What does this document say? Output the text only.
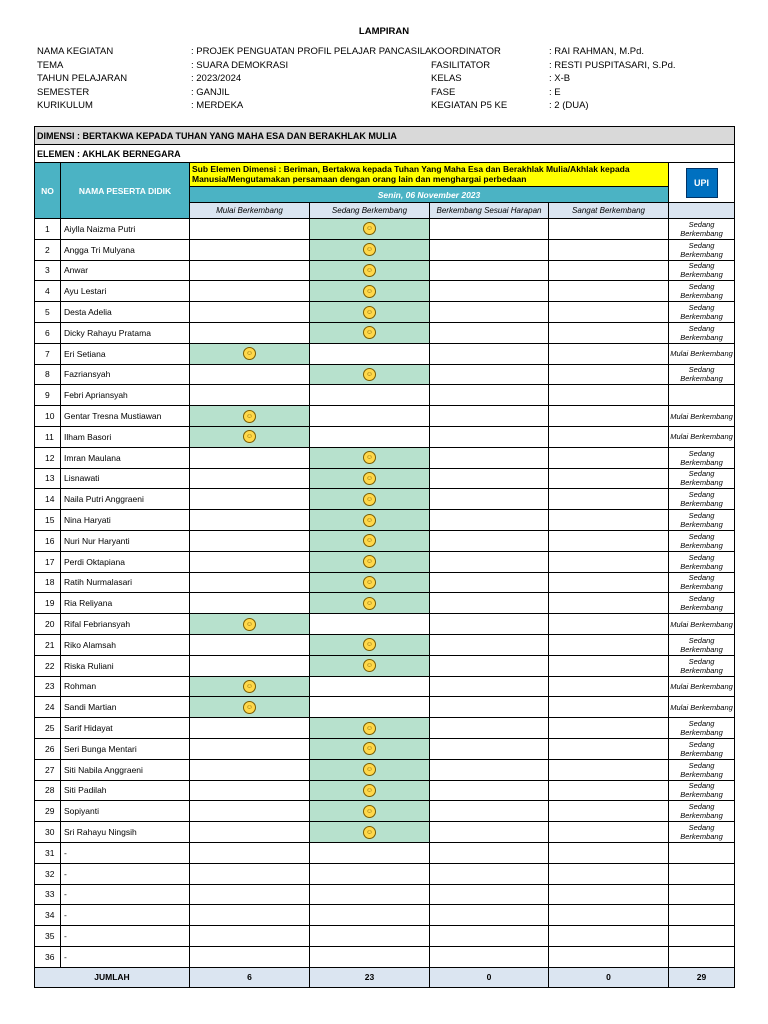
LAMPIRAN
NAMA KEGIATAN	: PROJEK PENGUATAN PROFIL PELAJAR PANCASILA KOORDINATOR	: RAI RAHMAN, M.Pd.
TEMA	: SUARA DEMOKRASI	FASILITATOR	: RESTI PUSPITASARI, S.Pd.
TAHUN PELAJARAN	: 2023/2024	KELAS	: X-B
SEMESTER	: GANJIL	FASE	: E
KURIKULUM	: MERDEKA	KEGIATAN P5 KE	: 2 (DUA)
DIMENSI : BERTAKWA KEPADA TUHAN YANG MAHA ESA DAN BERAKHLAK MULIA						
ELEMEN : AKHLAK BERNEGARA						
NO	NAMA PESERTA DIDIK	Sub Elemen Dimensi : Beriman, Bertakwa kepada Tuhan Yang Maha Esa dan Berakhlak Mulia/Akhlak kepada Manusia/Mengutamakan persamaan dengan orang lain dan menghargai perbedaan				UPI
		Senin, 06 November 2023				
		Mulai Berkembang	Sedang Berkembang	Berkembang Sesuai Harapan	Sangat Berkembang	
1	Aiylla Naizma Putri		☺			Sedang Berkembang
2	Angga Tri Mulyana		☺			Sedang Berkembang
3	Anwar		☺			Sedang Berkembang
4	Ayu Lestari		☺			Sedang Berkembang
5	Desta Adelia		☺			Sedang Berkembang
6	Dicky Rahayu Pratama		☺			Sedang Berkembang
7	Eri Setiana	☺				Mulai Berkembang
8	Fazriansyah		☺			Sedang Berkembang
9	Febri Apriansyah					
10	Gentar Tresna Mustiawan	☺				Mulai Berkembang
11	Ilham Basori	☺				Mulai Berkembang
12	Imran Maulana		☺			Sedang Berkembang
13	Lisnawati		☺			Sedang Berkembang
14	Naila Putri Anggraeni		☺			Sedang Berkembang
15	Nina Haryati		☺			Sedang Berkembang
16	Nuri Nur Haryanti		☺			Sedang Berkembang
17	Perdi Oktapiana		☺			Sedang Berkembang
18	Ratih Nurmalasari		☺			Sedang Berkembang
19	Ria Reliyana		☺			Sedang Berkembang
20	Rifal Febriansyah	☺				Mulai Berkembang
21	Riko Alamsah		☺			Sedang Berkembang
22	Riska Ruliani		☺			Sedang Berkembang
23	Rohman	☺				Mulai Berkembang
24	Sandi Martian	☺				Mulai Berkembang
25	Sarif Hidayat		☺			Sedang Berkembang
26	Seri Bunga Mentari		☺			Sedang Berkembang
27	Siti Nabila Anggraeni		☺			Sedang Berkembang
28	Siti Padilah		☺			Sedang Berkembang
29	Sopiyanti		☺			Sedang Berkembang
30	Sri Rahayu Ningsih		☺			Sedang Berkembang
31	-					
32	-					
33	-					
34	-					
35	-					
36	-					
JUMLAH		6	23	0	0	29
